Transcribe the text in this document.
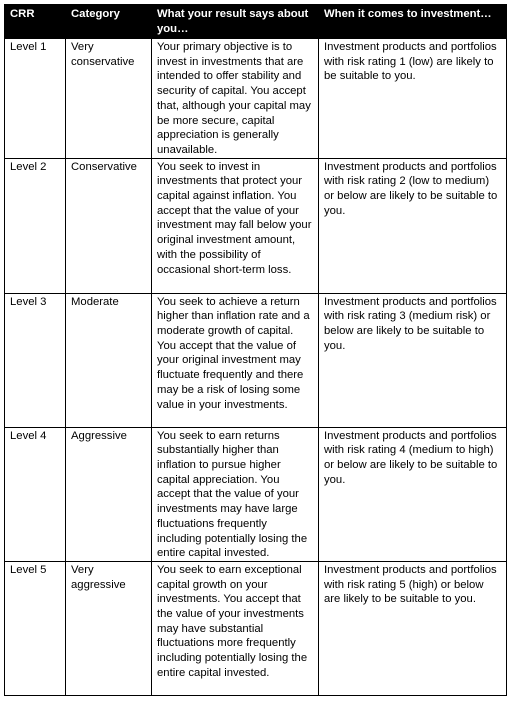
CRR	Category	What your result says about you…	When it comes to investment…
Level 1	Very conservative	Your primary objective is to invest in investments that are intended to offer stability and security of capital. You accept that, although your capital may be more secure, capital appreciation is generally unavailable.	Investment products and portfolios with risk rating 1 (low) are likely to be suitable to you.
Level 2	Conservative	You seek to invest in investments that protect your capital against inflation. You accept that the value of your investment may fall below your original investment amount, with the possibility of occasional short-term loss.	Investment products and portfolios with risk rating 2 (low to medium) or below are likely to be suitable to you.
Level 3	Moderate	You seek to achieve a return higher than inflation rate and a moderate growth of capital. You accept that the value of your original investment may fluctuate frequently and there may be a risk of losing some value in your investments.	Investment products and portfolios with risk rating 3 (medium risk) or below are likely to be suitable to you.
Level 4	Aggressive	You seek to earn returns substantially higher than inflation to pursue higher capital appreciation. You accept that the value of your investments may have large fluctuations frequently including potentially losing the entire capital invested.	Investment products and portfolios with risk rating 4 (medium to high) or below are likely to be suitable to you.
Level 5	Very aggressive	You seek to earn exceptional capital growth on your investments. You accept that the value of your investments may have substantial fluctuations more frequently including potentially losing the entire capital invested.	Investment products and portfolios with risk rating 5 (high) or below are likely to be suitable to you.
